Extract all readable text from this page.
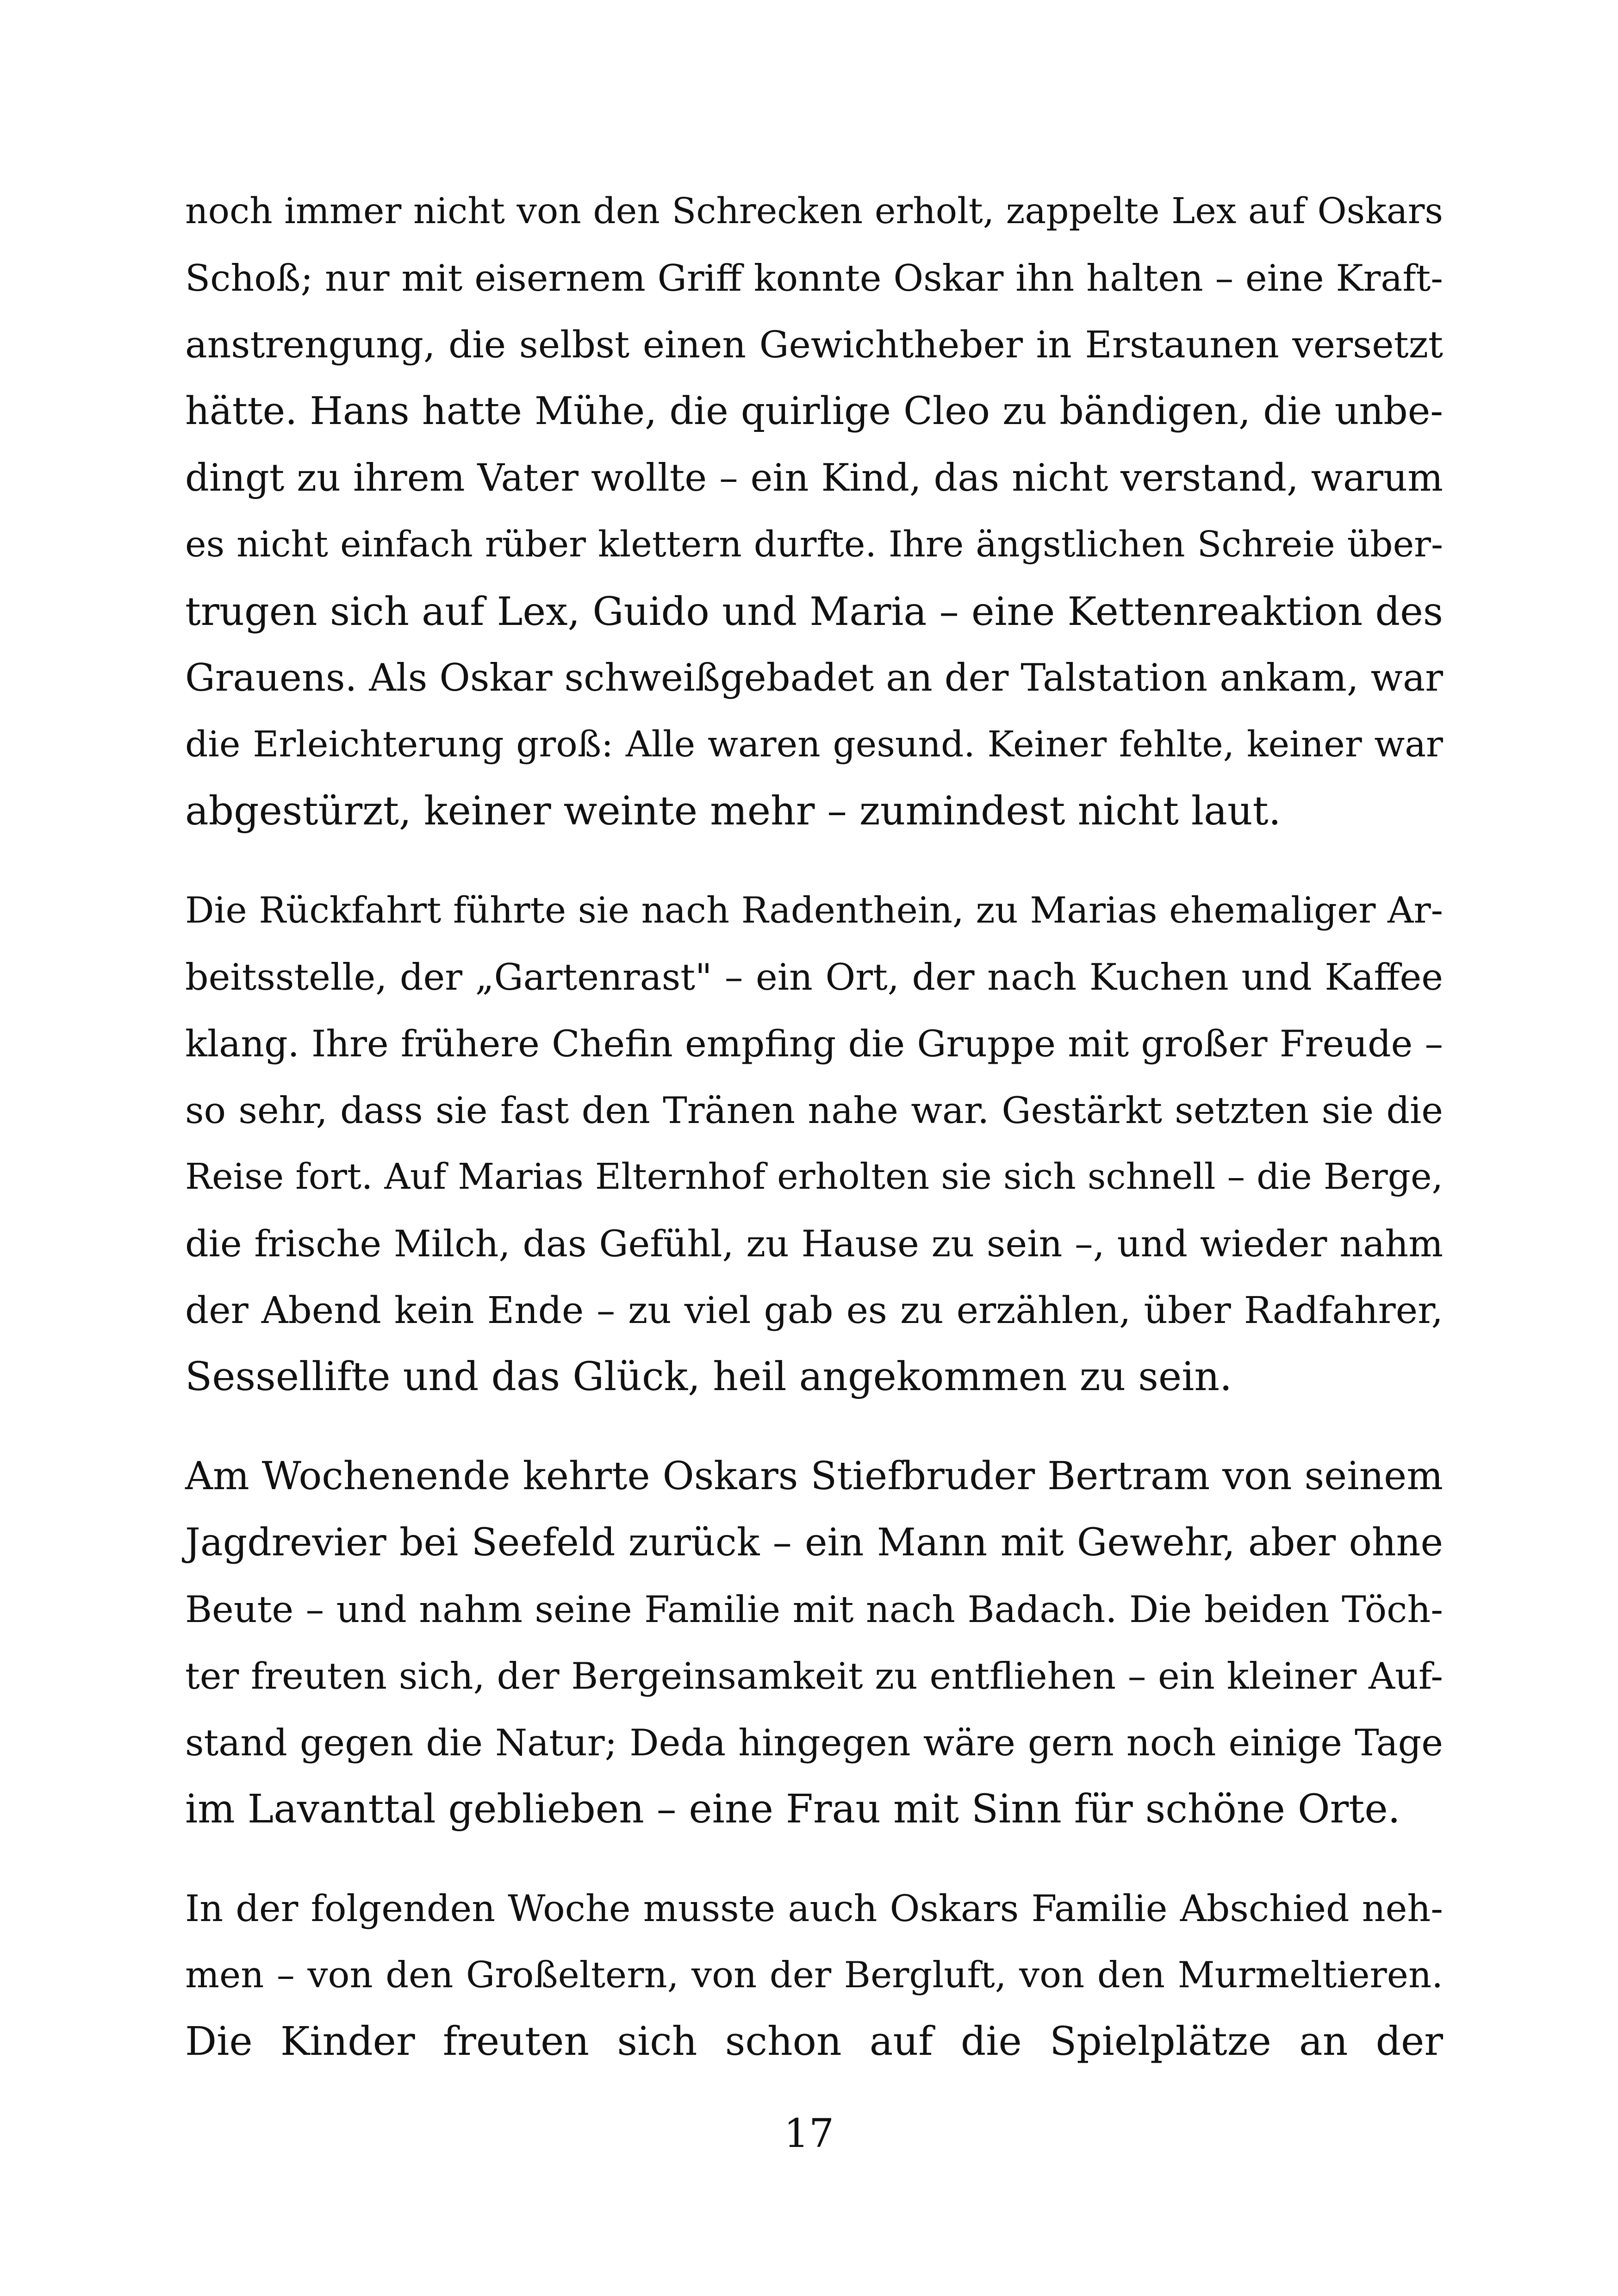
noch immer nicht von den Schrecken erholt, zappelte Lex auf Oskars
Schoß; nur mit eisernem Griff konnte Oskar ihn halten – eine Kraft-
anstrengung, die selbst einen Gewichtheber in Erstaunen versetzt
hätte. Hans hatte Mühe, die quirlige Cleo zu bändigen, die unbe-
dingt zu ihrem Vater wollte – ein Kind, das nicht verstand, warum
es nicht einfach rüber klettern durfte. Ihre ängstlichen Schreie über-
trugen sich auf Lex, Guido und Maria – eine Kettenreaktion des
Grauens. Als Oskar schweißgebadet an der Talstation ankam, war
die Erleichterung groß: Alle waren gesund. Keiner fehlte, keiner war
abgestürzt, keiner weinte mehr – zumindest nicht laut.

Die Rückfahrt führte sie nach Radenthein, zu Marias ehemaliger Ar-
beitsstelle, der „Gartenrast" – ein Ort, der nach Kuchen und Kaffee
klang. Ihre frühere Chefin empfing die Gruppe mit großer Freude –
so sehr, dass sie fast den Tränen nahe war. Gestärkt setzten sie die
Reise fort. Auf Marias Elternhof erholten sie sich schnell – die Berge,
die frische Milch, das Gefühl, zu Hause zu sein –, und wieder nahm
der Abend kein Ende – zu viel gab es zu erzählen, über Radfahrer,
Sessellifte und das Glück, heil angekommen zu sein.

Am Wochenende kehrte Oskars Stiefbruder Bertram von seinem
Jagdrevier bei Seefeld zurück – ein Mann mit Gewehr, aber ohne
Beute – und nahm seine Familie mit nach Badach. Die beiden Töch-
ter freuten sich, der Bergeinsamkeit zu entfliehen – ein kleiner Auf-
stand gegen die Natur; Deda hingegen wäre gern noch einige Tage
im Lavanttal geblieben – eine Frau mit Sinn für schöne Orte.

In der folgenden Woche musste auch Oskars Familie Abschied neh-
men – von den Großeltern, von der Bergluft, von den Murmeltieren.
Die Kinder freuten sich schon auf die Spielplätze an der

17
